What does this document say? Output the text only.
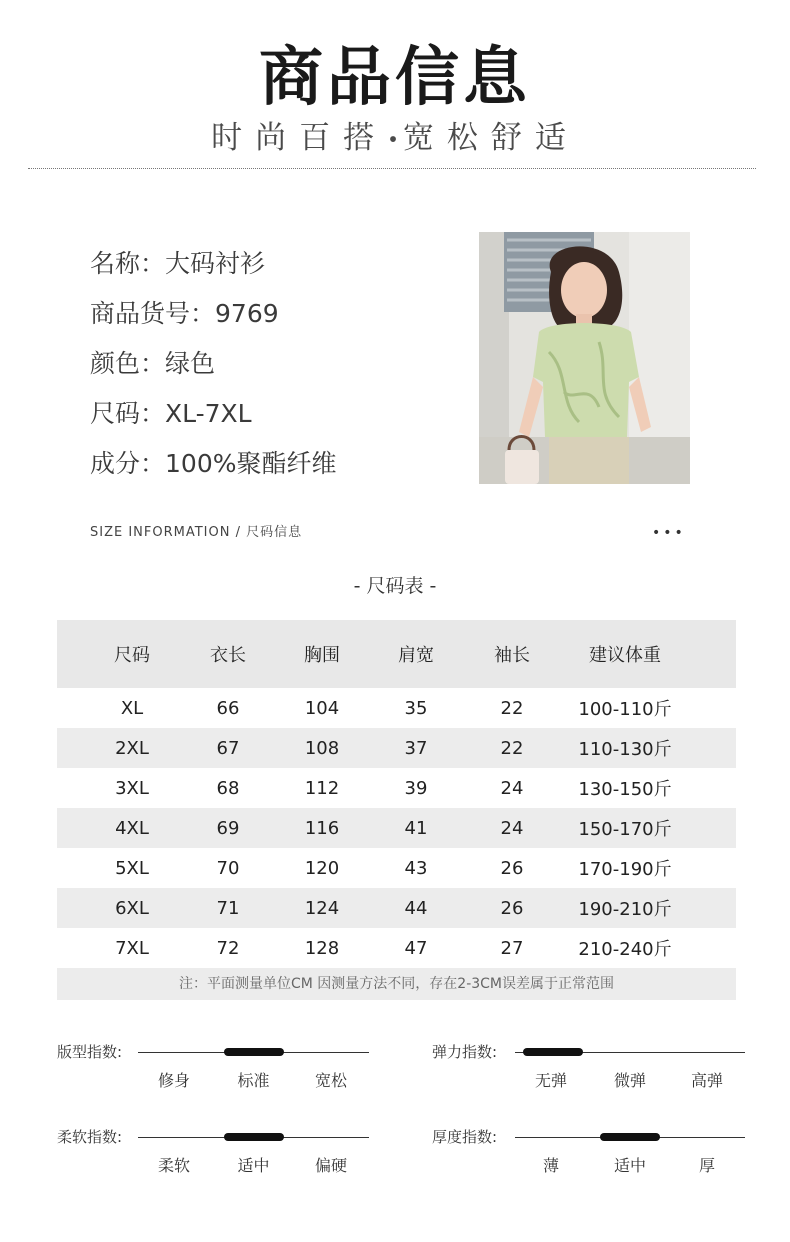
商品信息
时尚百搭•宽松舒适
名称：大码衬衫
商品货号：9769
颜色：绿色
尺码：XL-7XL
成分：100%聚酯纤维
SIZE INFORMATION / 尺码信息	•••
- 尺码表 -
尺码	衣长	胸围	肩宽	袖长	建议体重
XL	66	104	35	22	100-110斤
2XL	67	108	37	22	110-130斤
3XL	68	112	39	24	130-150斤
4XL	69	116	41	24	150-170斤
5XL	70	120	43	26	170-190斤
6XL	71	124	44	26	190-210斤
7XL	72	128	47	27	210-240斤
注：平面测量单位CM 因测量方法不同，存在2-3CM误差属于正常范围
版型指数:
修身	标准	宽松
弹力指数:
无弹	微弹	高弹
柔软指数:
柔软	适中	偏硬
厚度指数:
薄	适中	厚
